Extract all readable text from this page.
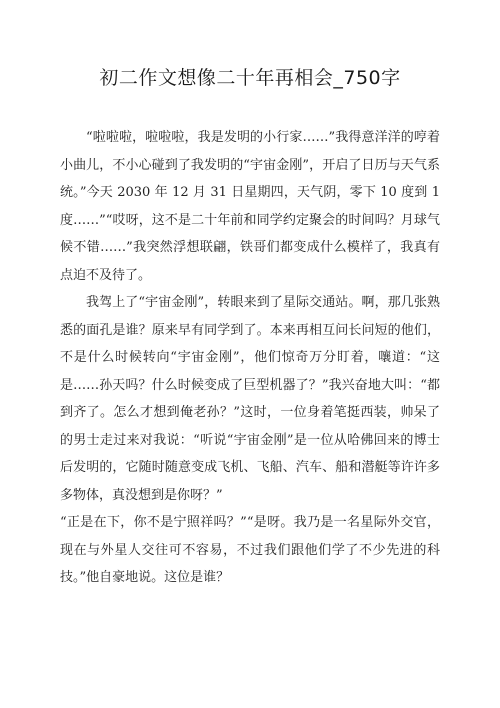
初二作文想像二十年再相会_750字

“啦啦啦，啦啦啦，我是发明的小行家……”我得意洋洋的哼着小曲儿，不小心碰到了我发明的“宇宙金刚”，开启了日历与天气系统。”今天 2030 年 12 月 31 日星期四，天气阴，零下 10 度到 1 度……”“哎呀，这不是二十年前和同学约定聚会的时间吗？月球气候不错……”我突然浮想联翩，铁哥们都变成什么模样了，我真有点迫不及待了。

我驾上了“宇宙金刚”，转眼来到了星际交通站。啊，那几张熟悉的面孔是谁？原来早有同学到了。本来再相互问长问短的他们，不是什么时候转向“宇宙金刚”，他们惊奇万分盯着，嚷道：“这是……孙天吗？什么时候变成了巨型机器了？”我兴奋地大叫：“都到齐了。怎么才想到俺老孙？”这时，一位身着笔挺西装，帅呆了的男士走过来对我说：“听说“宇宙金刚”是一位从哈佛回来的博士后发明的，它随时随意变成飞机、飞船、汽车、船和潜艇等许许多多物体，真没想到是你呀？”

“正是在下，你不是宁照祥吗？”“是呀。我乃是一名星际外交官，现在与外星人交往可不容易，不过我们跟他们学了不少先进的科技。”他自豪地说。这位是谁？
